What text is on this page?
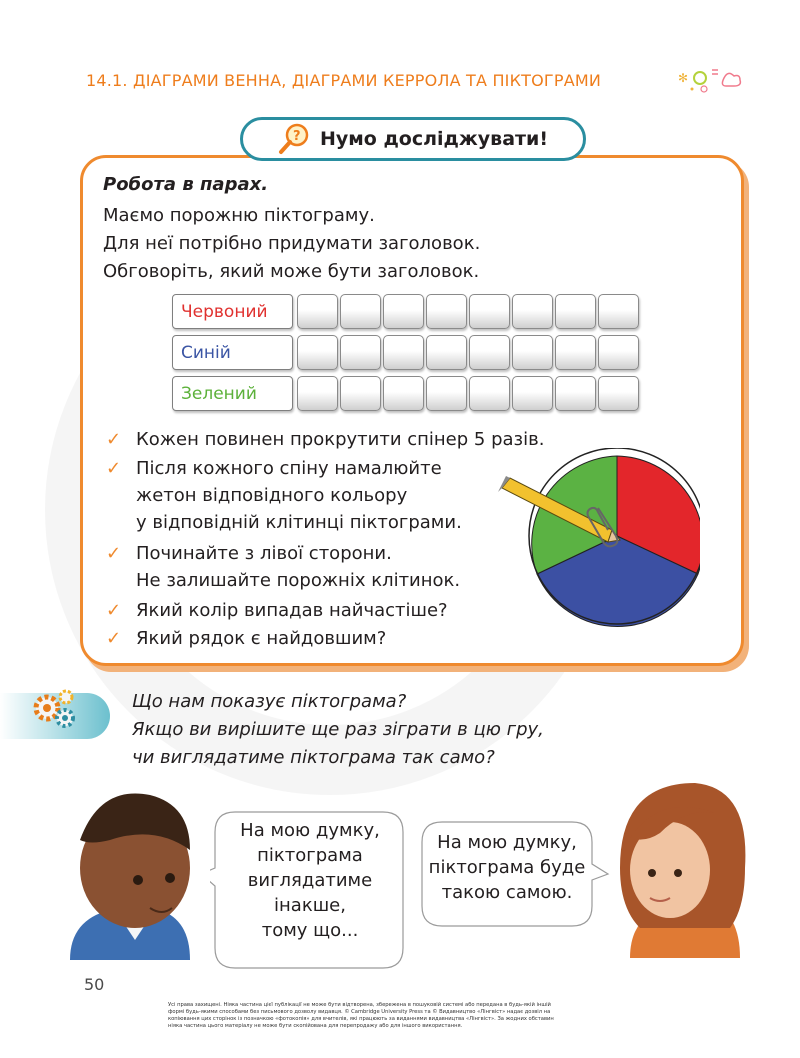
14.1. ДІАГРАМИ ВЕННА, ДІАГРАМИ КЕРРОЛА ТА ПІКТОГРАМИ	✻
? Нумо досліджувати!
Робота в парах.
Маємо порожню піктограму.
Для неї потрібно придумати заголовок.
Обговоріть, який може бути заголовок.
Червоний
Синій
Зелений
✓ Кожен повинен прокрутити спінер 5 разів.
✓ Після кожного спіну намалюйте
жетон відповідного кольору
у відповідній клітинці піктограми.
✓ Починайте з лівої сторони.
Не залишайте порожніх клітинок.
✓ Який колір випадав найчастіше?
✓ Який рядок є найдовшим?
Що нам показує піктограма?
Якщо ви вирішите ще раз зіграти в цю гру,
чи виглядатиме піктограма так само?
На мою думку,
піктограма
виглядатиме
інакше,
тому що...
На мою думку,
піктограма буде
такою самою.
50
Усі права захищені. Ніяка частина цієї публікації не може бути відтворена, збережена в пошуковій системі або передана в будь-якій іншій
формі будь-якими способами без письмового дозволу видавця. © Cambridge University Press та © Видавництво «Лінгвіст» надає дозвіл на
копіювання цих сторінок із позначкою «фотокопія» для вчителів, які працюють за виданнями видавництва «Лінгвіст». За жодних обставин
ніяка частина цього матеріалу не може бути скопійована для перепродажу або для іншого використання.
